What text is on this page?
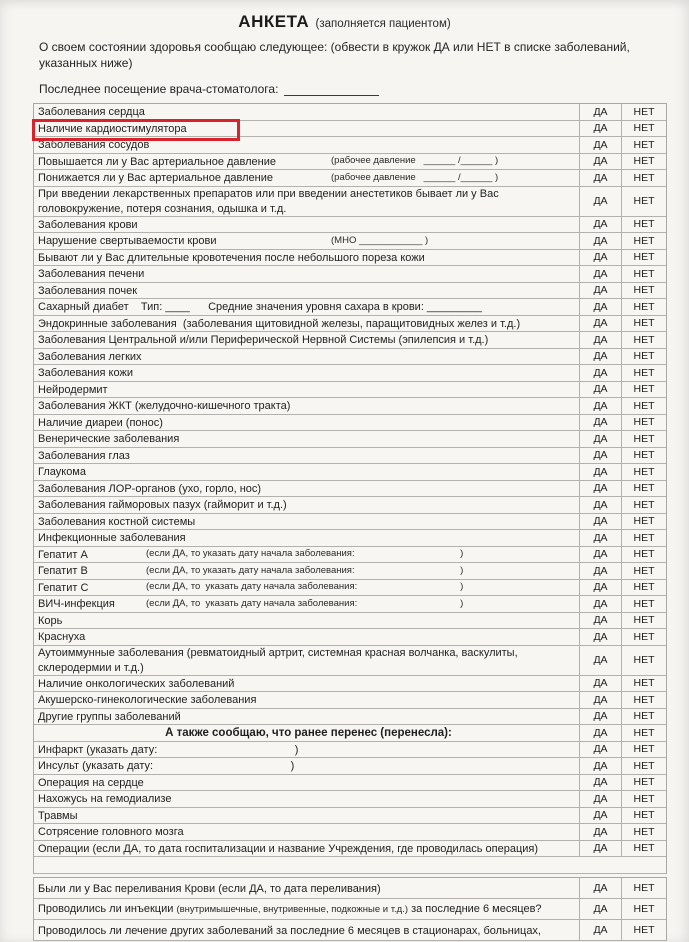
АНКЕТА  (заполняется пациентом)
О своем состоянии здоровья сообщаю следующее: (обвести в кружок ДА или НЕТ в списке заболеваний,
указанных ниже)
Последнее посещение врача-стоматолога:
Заболевания сердца	ДА	НЕТ
Наличие кардиостимулятора	ДА	НЕТ
Заболевания сосудов	ДА	НЕТ
Повышается ли у Вас артериальное давление	(рабочее давление   ______ /______ )	ДА	НЕТ
Понижается ли у Вас артериальное давление	(рабочее давление   ______ /______ )	ДА	НЕТ
При введении лекарственных препаратов или при введении анестетиков бывает ли у Вас
головокружение, потеря сознания, одышка и т.д.
ДА	НЕТ
Заболевания крови	ДА	НЕТ
Нарушение свертываемости крови	(МНО ____________ )	ДА	НЕТ
Бывают ли у Вас длительные кровотечения после небольшого пореза кожи	ДА	НЕТ
Заболевания печени	ДА	НЕТ
Заболевания почек	ДА	НЕТ
Сахарный диабет    Тип: ____      Средние значения уровня сахара в крови: _________	ДА	НЕТ
Эндокринные заболевания  (заболевания щитовидной железы, паращитовидных желез и т.д.)	ДА	НЕТ
Заболевания Центральной и/или Периферической Нервной Системы (эпилепсия и т.д.)	ДА	НЕТ
Заболевания легких	ДА	НЕТ
Заболевания кожи	ДА	НЕТ
Нейродермит	ДА	НЕТ
Заболевания ЖКТ (желудочно-кишечного тракта)	ДА	НЕТ
Наличие диареи (понос)	ДА	НЕТ
Венерические заболевания	ДА	НЕТ
Заболевания глаз	ДА	НЕТ
Глаукома	ДА	НЕТ
Заболевания ЛОР-органов (ухо, горло, нос)	ДА	НЕТ
Заболевания гайморовых пазух (гайморит и т.д.)	ДА	НЕТ
Заболевания костной системы	ДА	НЕТ
Инфекционные заболевания	ДА	НЕТ
Гепатит А	(если ДА, то указать дату начала заболевания:                                        )	ДА	НЕТ
Гепатит В	(если ДА, то указать дату начала заболевания:                                        )	ДА	НЕТ
Гепатит С	(если ДА, то  указать дату начала заболевания:                                       )	ДА	НЕТ
ВИЧ-инфекция	(если ДА, то  указать дату начала заболевания:                                       )	ДА	НЕТ
Корь	ДА	НЕТ
Краснуха	ДА	НЕТ
Аутоиммунные заболевания (ревматоидный артрит, системная красная волчанка, васкулиты,
склеродермии и т.д.)
ДА	НЕТ
Наличие онкологических заболеваний	ДА	НЕТ
Акушерско-гинекологические заболевания	ДА	НЕТ
Другие группы заболеваний	ДА	НЕТ
А также сообщаю, что ранее перенес (перенесла):	ДА	НЕТ
Инфаркт (указать дату:                                             )	ДА	НЕТ
Инсульт (указать дату:                                             )	ДА	НЕТ
Операция на сердце	ДА	НЕТ
Нахожусь на гемодиализе	ДА	НЕТ
Травмы	ДА	НЕТ
Сотрясение головного мозга	ДА	НЕТ
Операции (если ДА, то дата госпитализации и название Учреждения, где проводилась операция)	ДА	НЕТ
Были ли у Вас переливания Крови (если ДА, то дата переливания)	ДА	НЕТ
Проводились ли инъекции (внутримышечные, внутривенные, подкожные и т.д.) за последние 6 месяцев?	ДА	НЕТ
Проводилось ли лечение других заболеваний за последние 6 месяцев в стационарах, больницах,	ДА	НЕТ
